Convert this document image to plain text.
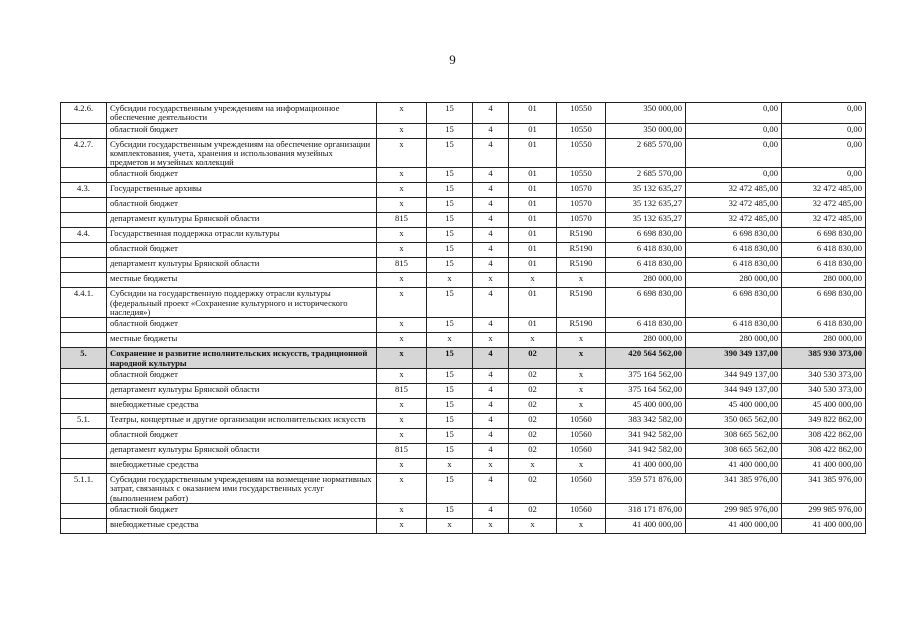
9
4.2.6.	Субсидии государственным учреждениям на информационное обеспечение деятельности	x	15	4	01	10550	350 000,00	0,00	0,00
	областной бюджет	x	15	4	01	10550	350 000,00	0,00	0,00
4.2.7.	Субсидии государственным учреждениям на обеспечение организации комплектования, учета, хранения и использования музейных предметов и музейных коллекций	x	15	4	01	10550	2 685 570,00	0,00	0,00
	областной бюджет	x	15	4	01	10550	2 685 570,00	0,00	0,00
4.3.	Государственные архивы	x	15	4	01	10570	35 132 635,27	32 472 485,00	32 472 485,00
	областной бюджет	x	15	4	01	10570	35 132 635,27	32 472 485,00	32 472 485,00
	департамент культуры Брянской области	815	15	4	01	10570	35 132 635,27	32 472 485,00	32 472 485,00
4.4.	Государственная поддержка отрасли культуры	x	15	4	01	R5190	6 698 830,00	6 698 830,00	6 698 830,00
	областной бюджет	x	15	4	01	R5190	6 418 830,00	6 418 830,00	6 418 830,00
	департамент культуры Брянской области	815	15	4	01	R5190	6 418 830,00	6 418 830,00	6 418 830,00
	местные бюджеты	x	x	x	x	x	280 000,00	280 000,00	280 000,00
4.4.1.	Субсидии на государственную поддержку отрасли культуры (федеральный проект «Сохранение культурного и исторического наследия»)	x	15	4	01	R5190	6 698 830,00	6 698 830,00	6 698 830,00
	областной бюджет	x	15	4	01	R5190	6 418 830,00	6 418 830,00	6 418 830,00
	местные бюджеты	x	x	x	x	x	280 000,00	280 000,00	280 000,00
5.	Сохранение и развитие исполнительских искусств, традиционной народной культуры	x	15	4	02	x	420 564 562,00	390 349 137,00	385 930 373,00
	областной бюджет	x	15	4	02	x	375 164 562,00	344 949 137,00	340 530 373,00
	департамент культуры Брянской области	815	15	4	02	x	375 164 562,00	344 949 137,00	340 530 373,00
	внебюджетные средства	x	15	4	02	x	45 400 000,00	45 400 000,00	45 400 000,00
5.1.	Театры, концертные и другие организации исполнительских искусств	x	15	4	02	10560	383 342 582,00	350 065 562,00	349 822 862,00
	областной бюджет	x	15	4	02	10560	341 942 582,00	308 665 562,00	308 422 862,00
	департамент культуры Брянской области	815	15	4	02	10560	341 942 582,00	308 665 562,00	308 422 862,00
	внебюджетные средства	x	x	x	x	x	41 400 000,00	41 400 000,00	41 400 000,00
5.1.1.	Субсидии государственным учреждениям на возмещение нормативных затрат, связанных с оказанием ими государственных услуг (выполнением работ)	x	15	4	02	10560	359 571 876,00	341 385 976,00	341 385 976,00
	областной бюджет	x	15	4	02	10560	318 171 876,00	299 985 976,00	299 985 976,00
	внебюджетные средства	x	x	x	x	x	41 400 000,00	41 400 000,00	41 400 000,00
